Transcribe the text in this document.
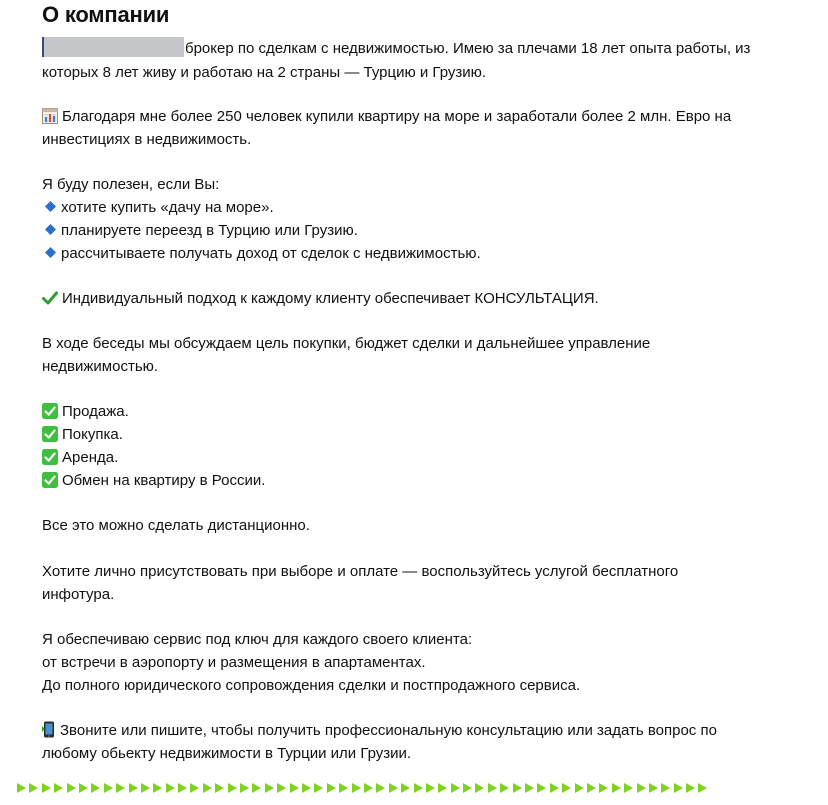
О компании
брокер по сделкам с недвижимостью. Имею за плечами 18 лет опыта работы, из
которых 8 лет живу и работаю на 2 страны — Турцию и Грузию.
Благодаря мне более 250 человек купили квартиру на море и заработали более 2 млн. Евро на
инвестициях в недвижимость.
Я буду полезен, если Вы:
хотите купить «дачу на море».
планируете переезд в Турцию или Грузию.
рассчитываете получать доход от сделок с недвижимостью.
Индивидуальный подход к каждому клиенту обеспечивает КОНСУЛЬТАЦИЯ.
В ходе беседы мы обсуждаем цель покупки, бюджет сделки и дальнейшее управление
недвижимостью.
Продажа.
Покупка.
Аренда.
Обмен на квартиру в России.
Все это можно сделать дистанционно.
Хотите лично присутствовать при выборе и оплате — воспользуйтесь услугой бесплатного
инфотура.
Я обеспечиваю сервис под ключ для каждого своего клиента:
от встречи в аэропорту и размещения в апартаментах.
До полного юридического сопровождения сделки и постпродажного сервиса.
Звоните или пишите, чтобы получить профессиональную консультацию или задать вопрос по
любому обьекту недвижимости в Турции или Грузии.
